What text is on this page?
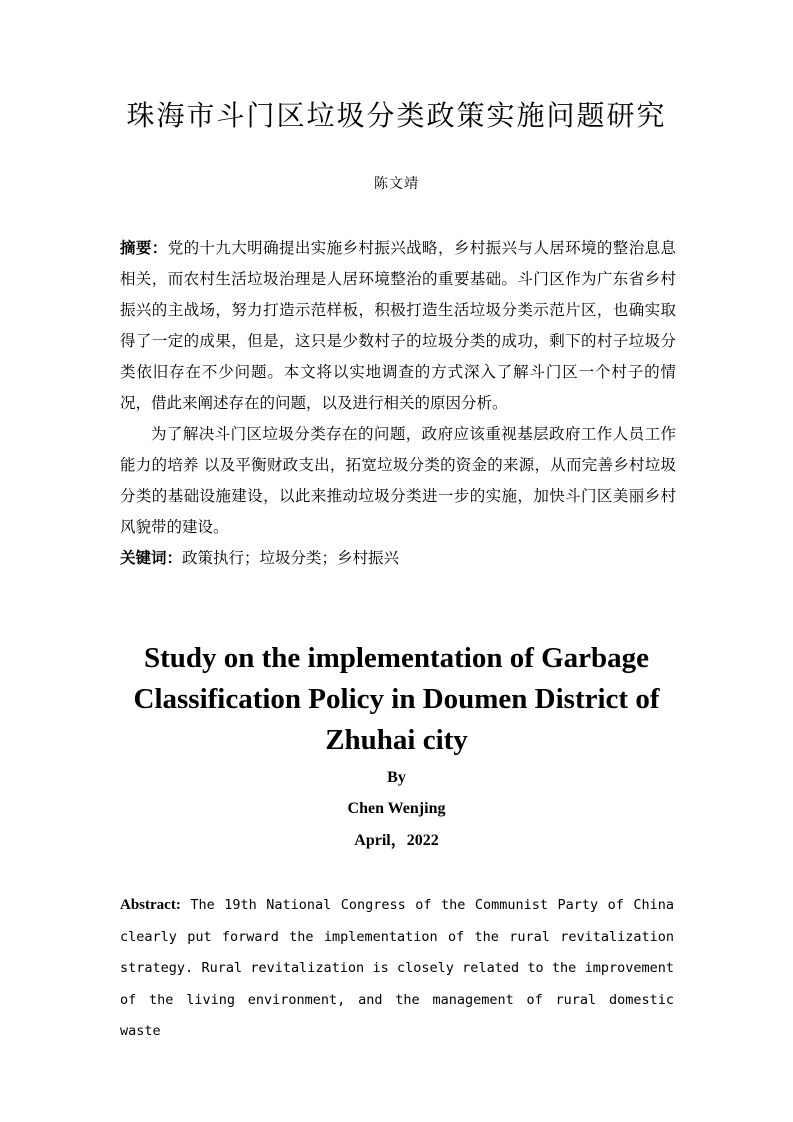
珠海市斗门区垃圾分类政策实施问题研究
陈文靖

摘要：党的十九大明确提出实施乡村振兴战略，乡村振兴与人居环境的整治息息相关，而农村生活垃圾治理是人居环境整治的重要基础。斗门区作为广东省乡村振兴的主战场，努力打造示范样板，积极打造生活垃圾分类示范片区，也确实取得了一定的成果，但是，这只是少数村子的垃圾分类的成功，剩下的村子垃圾分类依旧存在不少问题。本文将以实地调查的方式深入了解斗门区一个村子的情况，借此来阐述存在的问题，以及进行相关的原因分析。

为了解决斗门区垃圾分类存在的问题，政府应该重视基层政府工作人员工作能力的培养 以及平衡财政支出，拓宽垃圾分类的资金的来源，从而完善乡村垃圾分类的基础设施建设，以此来推动垃圾分类进一步的实施，加快斗门区美丽乡村风貌带的建设。

关键词：政策执行；垃圾分类；乡村振兴

Study on the implementation of Garbage Classification Policy in Doumen District of Zhuhai city
By
Chen Wenjing
April，2022

Abstract: The 19th National Congress of the Communist Party of China clearly put forward the implementation of the rural revitalization strategy. Rural revitalization is closely related to the improvement of the living environment, and the management of rural domestic waste
